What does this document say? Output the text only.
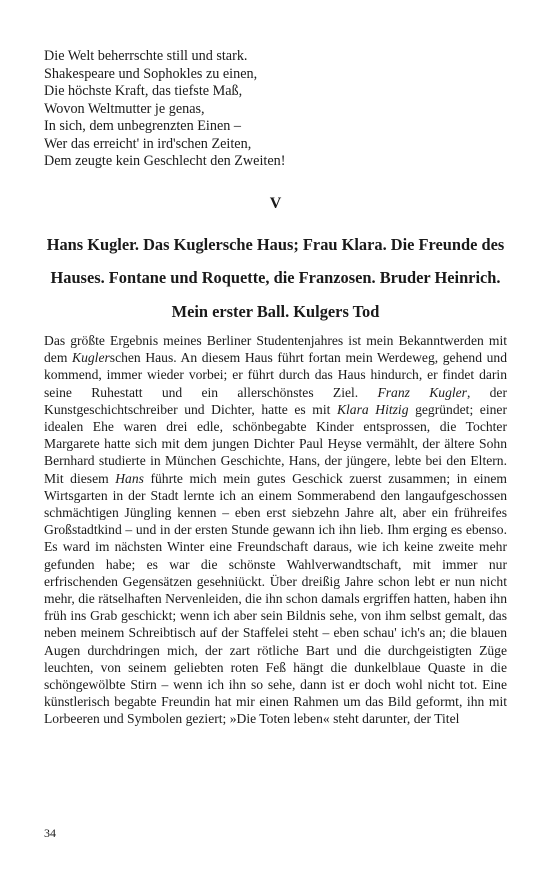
Die Welt beherrschte still und stark.
Shakespeare und Sophokles zu einen,
Die höchste Kraft, das tiefste Maß,
Wovon Weltmutter je genas,
In sich, dem unbegrenzten Einen –
Wer das erreicht' in ird'schen Zeiten,
Dem zeugte kein Geschlecht den Zweiten!
V
Hans Kugler. Das Kuglersche Haus; Frau Klara. Die Freunde des Hauses. Fontane und Roquette, die Franzosen. Bruder Heinrich. Mein erster Ball. Kulgers Tod

Das größte Ergebnis meines Berliner Studentenjahres ist mein Bekanntwerden mit dem Kuglerschen Haus. An diesem Haus führt fortan mein Werdeweg, gehend und kommend, immer wieder vorbei; er führt durch das Haus hindurch, er findet darin seine Ruhestatt und ein allerschönstes Ziel. Franz Kugler, der Kunstgeschichtschreiber und Dichter, hatte es mit Klara Hitzig gegründet; einer idealen Ehe waren drei edle, schönbegabte Kinder entsprossen, die Tochter Margarete hatte sich mit dem jungen Dichter Paul Heyse vermählt, der ältere Sohn Bernhard studierte in München Geschichte, Hans, der jüngere, lebte bei den Eltern. Mit diesem Hans führte mich mein gutes Geschick zuerst zusammen; in einem Wirtsgarten in der Stadt lernte ich an einem Sommerabend den langaufgeschossen schmächtigen Jüngling kennen – eben erst siebzehn Jahre alt, aber ein frühreifes Großstadtkind – und in der ersten Stunde gewann ich ihn lieb. Ihm erging es ebenso. Es ward im nächsten Winter eine Freundschaft daraus, wie ich keine zweite mehr gefunden habe; es war die schönste Wahlverwandtschaft, mit immer nur erfrischenden Gegensätzen gesehniückt. Über dreißig Jahre schon lebt er nun nicht mehr, die rätselhaften Nervenleiden, die ihn schon damals ergriffen hatten, haben ihn früh ins Grab geschickt; wenn ich aber sein Bildnis sehe, von ihm selbst gemalt, das neben meinem Schreibtisch auf der Staffelei steht – eben schau' ich's an; die blauen Augen durchdringen mich, der zart rötliche Bart und die durchgeistigten Züge leuchten, von seinem geliebten roten Feß hängt die dunkelblaue Quaste in die schöngewölbte Stirn – wenn ich ihn so sehe, dann ist er doch wohl nicht tot. Eine künstlerisch begabte Freundin hat mir einen Rahmen um das Bild geformt, ihn mit Lorbeeren und Symbolen geziert; »Die Toten leben« steht darunter, der Titel

34
